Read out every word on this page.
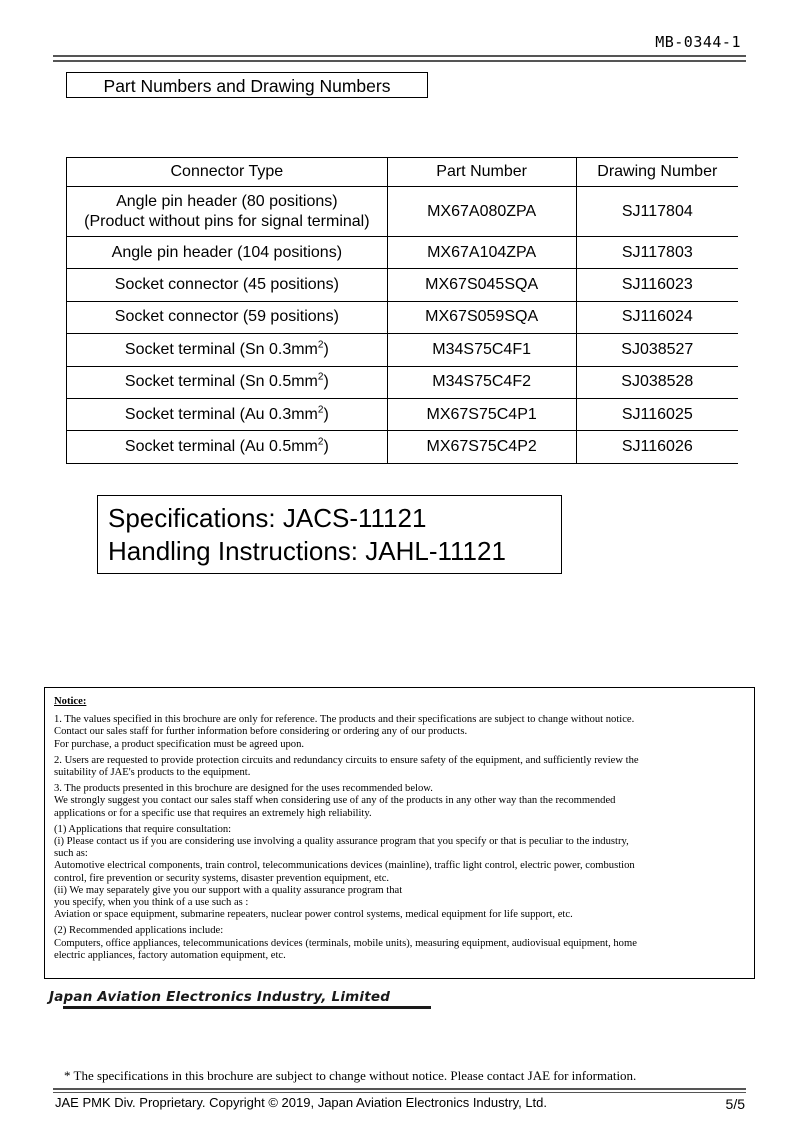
MB-0344-1
Part Numbers and Drawing Numbers
Connector Type	Part Number	Drawing Number

Angle pin header (80 positions)
(Product without pins for signal terminal)	MX67A080ZPA	SJ117804
Angle pin header (104 positions)	MX67A104ZPA	SJ117803
Socket connector (45 positions)	MX67S045SQA	SJ116023
Socket connector (59 positions)	MX67S059SQA	SJ116024
Socket terminal (Sn $0.3mm^2$)	M34S75C4F1	SJ038527
Socket terminal (Sn $0.5mm^2$)	M34S75C4F2	SJ038528
Socket terminal (Au $0.3mm^2$)	MX67S75C4P1	SJ116025
Socket terminal (Au $0.5mm^2$)	MX67S75C4P2	SJ116026
Specifications: JACS-11121
Handling Instructions: JAHL-11121
Notice:
1. The values specified in this brochure are only for reference. The products and their specifications are subject to change without notice.
Contact our sales staff for further information before considering or ordering any of our products.
For purchase, a product specification must be agreed upon.
2. Users are requested to provide protection circuits and redundancy circuits to ensure safety of the equipment, and sufficiently review the
suitability of JAE's products to the equipment.
3. The products presented in this brochure are designed for the uses recommended below.
We strongly suggest you contact our sales staff when considering use of any of the products in any other way than the recommended
applications or for a specific use that requires an extremely high reliability.
(1) Applications that require consultation:
(i) Please contact us if you are considering use involving a quality assurance program that you specify or that is peculiar to the industry,
such as:
Automotive electrical components, train control, telecommunications devices (mainline), traffic light control, electric power, combustion
control, fire prevention or security systems, disaster prevention equipment, etc.
(ii) We may separately give you our support with a quality assurance program that
you specify, when you think of a use such as :
Aviation or space equipment, submarine repeaters, nuclear power control systems, medical equipment for life support, etc.
(2) Recommended applications include:
Computers, office appliances, telecommunications devices (terminals, mobile units), measuring equipment, audiovisual equipment, home
electric appliances, factory automation equipment, etc.
Japan Aviation Electronics Industry, Limited
* The specifications in this brochure are subject to change without notice. Please contact JAE for information.
JAE PMK Div. Proprietary. Copyright © 2019, Japan Aviation Electronics Industry, Ltd.	5/5
